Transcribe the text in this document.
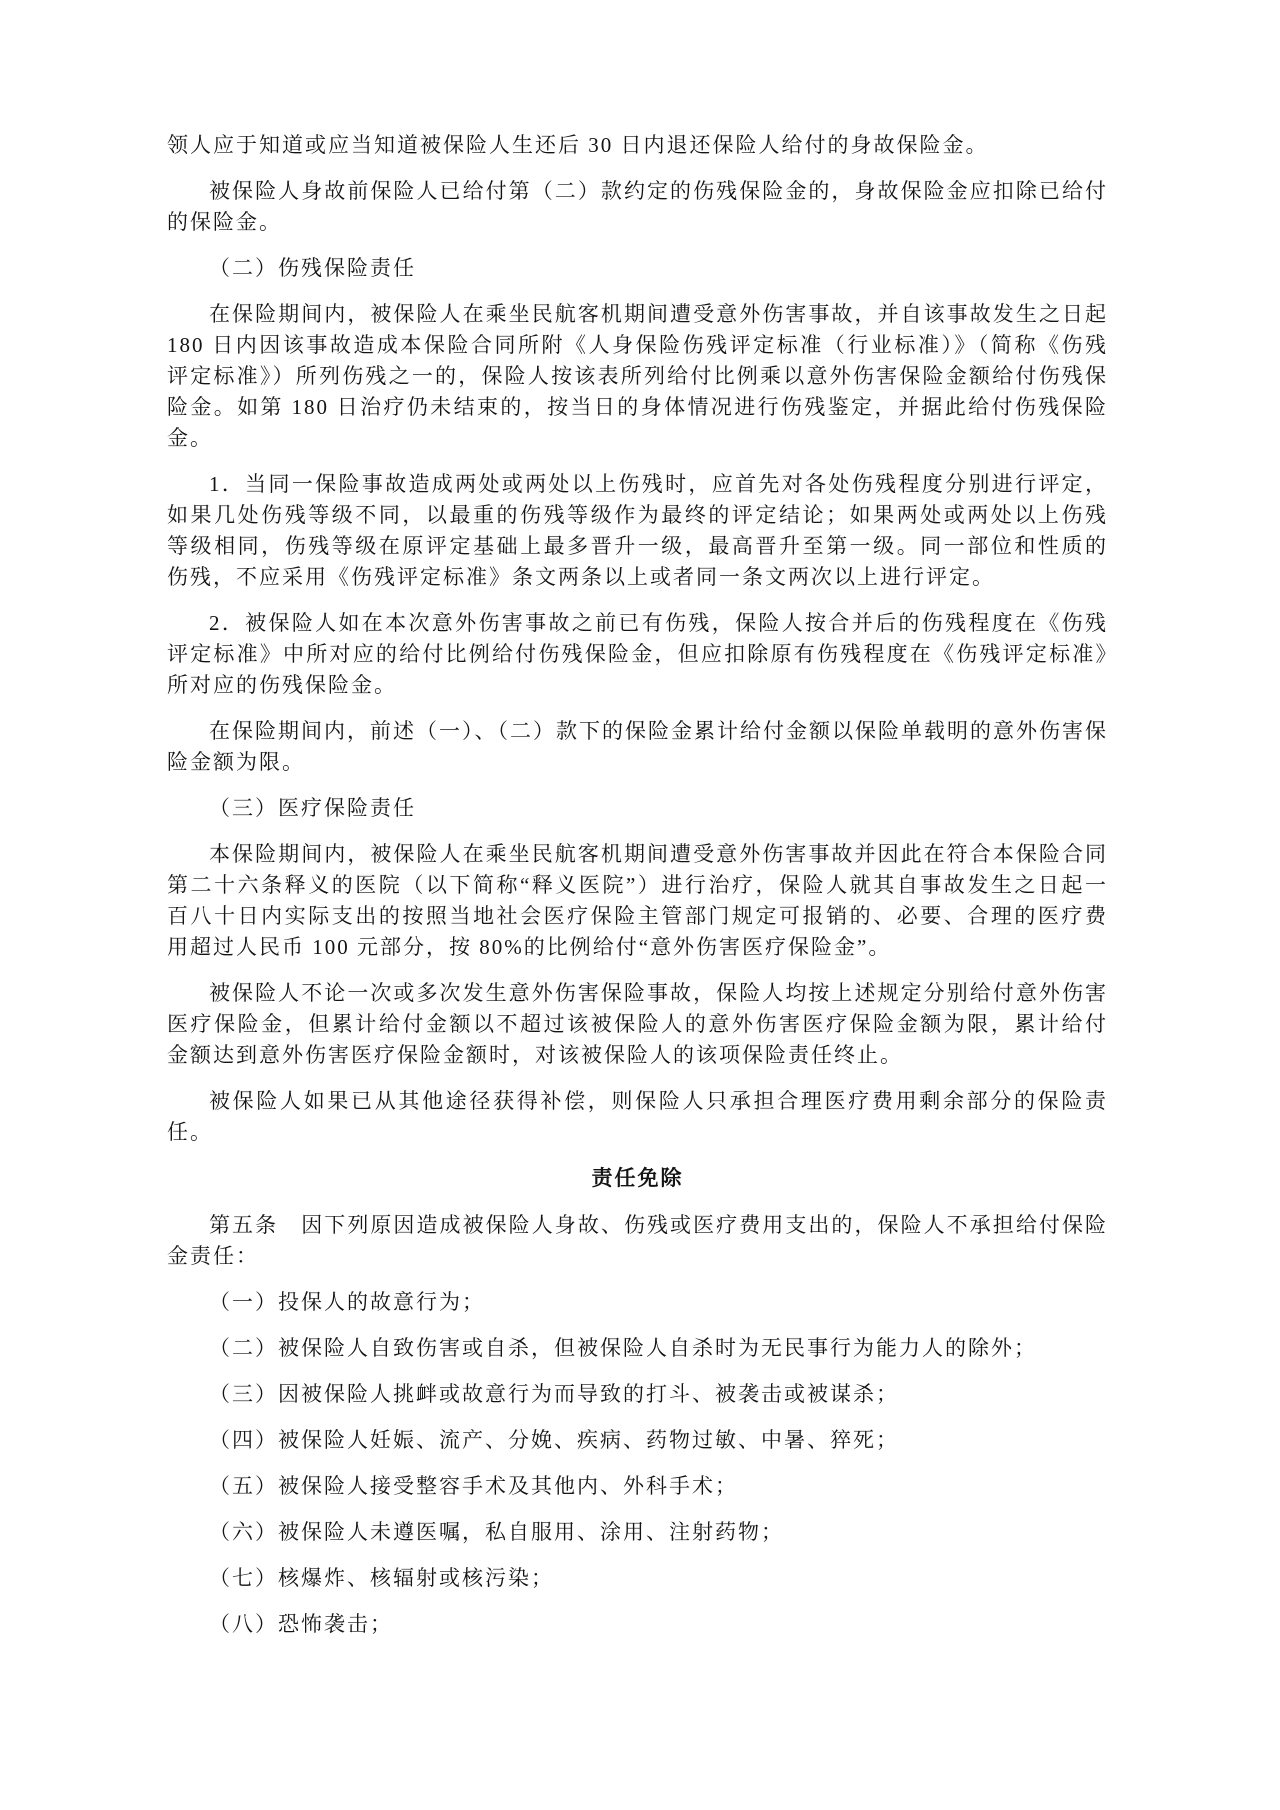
领人应于知道或应当知道被保险人生还后 30 日内退还保险人给付的身故保险金。

被保险人身故前保险人已给付第（二）款约定的伤残保险金的，身故保险金应扣除已给付的保险金。

（二）伤残保险责任

在保险期间内，被保险人在乘坐民航客机期间遭受意外伤害事故，并自该事故发生之日起 180 日内因该事故造成本保险合同所附《人身保险伤残评定标准（行业标准）》（简称《伤残评定标准》）所列伤残之一的，保险人按该表所列给付比例乘以意外伤害保险金额给付伤残保险金。如第 180 日治疗仍未结束的，按当日的身体情况进行伤残鉴定，并据此给付伤残保险金。

1．当同一保险事故造成两处或两处以上伤残时，应首先对各处伤残程度分别进行评定，如果几处伤残等级不同，以最重的伤残等级作为最终的评定结论；如果两处或两处以上伤残等级相同，伤残等级在原评定基础上最多晋升一级，最高晋升至第一级。同一部位和性质的伤残，不应采用《伤残评定标准》条文两条以上或者同一条文两次以上进行评定。

2．被保险人如在本次意外伤害事故之前已有伤残，保险人按合并后的伤残程度在《伤残评定标准》中所对应的给付比例给付伤残保险金，但应扣除原有伤残程度在《伤残评定标准》所对应的伤残保险金。

在保险期间内，前述（一）、（二）款下的保险金累计给付金额以保险单载明的意外伤害保险金额为限。

（三）医疗保险责任

本保险期间内，被保险人在乘坐民航客机期间遭受意外伤害事故并因此在符合本保险合同第二十六条释义的医院（以下简称“释义医院”）进行治疗，保险人就其自事故发生之日起一百八十日内实际支出的按照当地社会医疗保险主管部门规定可报销的、必要、合理的医疗费用超过人民币 100 元部分，按 80%的比例给付“意外伤害医疗保险金”。

被保险人不论一次或多次发生意外伤害保险事故，保险人均按上述规定分别给付意外伤害医疗保险金，但累计给付金额以不超过该被保险人的意外伤害医疗保险金额为限，累计给付金额达到意外伤害医疗保险金额时，对该被保险人的该项保险责任终止。

被保险人如果已从其他途径获得补偿，则保险人只承担合理医疗费用剩余部分的保险责任。

责任免除

第五条　因下列原因造成被保险人身故、伤残或医疗费用支出的，保险人不承担给付保险金责任：

（一）投保人的故意行为；

（二）被保险人自致伤害或自杀，但被保险人自杀时为无民事行为能力人的除外；

（三）因被保险人挑衅或故意行为而导致的打斗、被袭击或被谋杀；

（四）被保险人妊娠、流产、分娩、疾病、药物过敏、中暑、猝死；

（五）被保险人接受整容手术及其他内、外科手术；

（六）被保险人未遵医嘱，私自服用、涂用、注射药物；

（七）核爆炸、核辐射或核污染；

（八）恐怖袭击；
